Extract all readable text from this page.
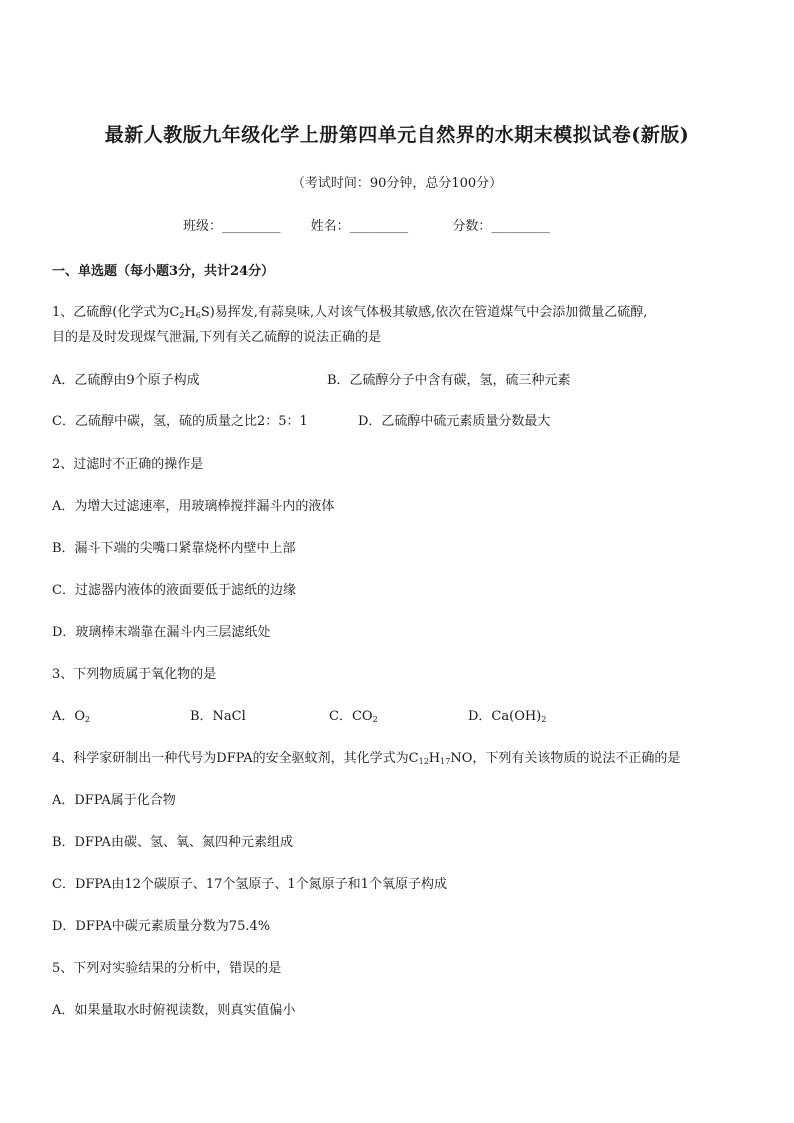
最新人教版九年级化学上册第四单元自然界的水期末模拟试卷(新版)
（考试时间：90分钟，总分100分）
班级：_________ 姓名：_________	分数：_________
一、单选题（每小题3分，共计24分）
1、乙硫醇(化学式为$C_2H_6S$)易挥发,有蒜臭味,人对该气体极其敏感,依次在管道煤气中会添加微量乙硫醇,
目的是及时发现煤气泄漏,下列有关乙硫醇的说法正确的是
A．乙硫醇由9个原子构成	B．乙硫醇分子中含有碳，氢，硫三种元素
C．乙硫醇中碳，氢，硫的质量之比2：5：1	D．乙硫醇中硫元素质量分数最大
2、过滤时不正确的操作是
A．为增大过滤速率，用玻璃棒搅拌漏斗内的液体
B．漏斗下端的尖嘴口紧靠烧杯内壁中上部
C．过滤器内液体的液面要低于滤纸的边缘
D．玻璃棒末端靠在漏斗内三层滤纸处
3、下列物质属于氧化物的是
A．$O_2$	B．NaCl	C．$CO_2$	D．$Ca(OH)_2$
4、科学家研制出一种代号为DFPA的安全驱蚊剂，其化学式为$C_{12}H_{17}NO$，下列有关该物质的说法不正确的是
A．DFPA属于化合物
B．DFPA由碳、氢、氧、氮四种元素组成
C．DFPA由12个碳原子、17个氢原子、1个氮原子和1个氧原子构成
D．DFPA中碳元素质量分数为75.4%
5、下列对实验结果的分析中，错误的是
A．如果量取水时俯视读数，则真实值偏小
